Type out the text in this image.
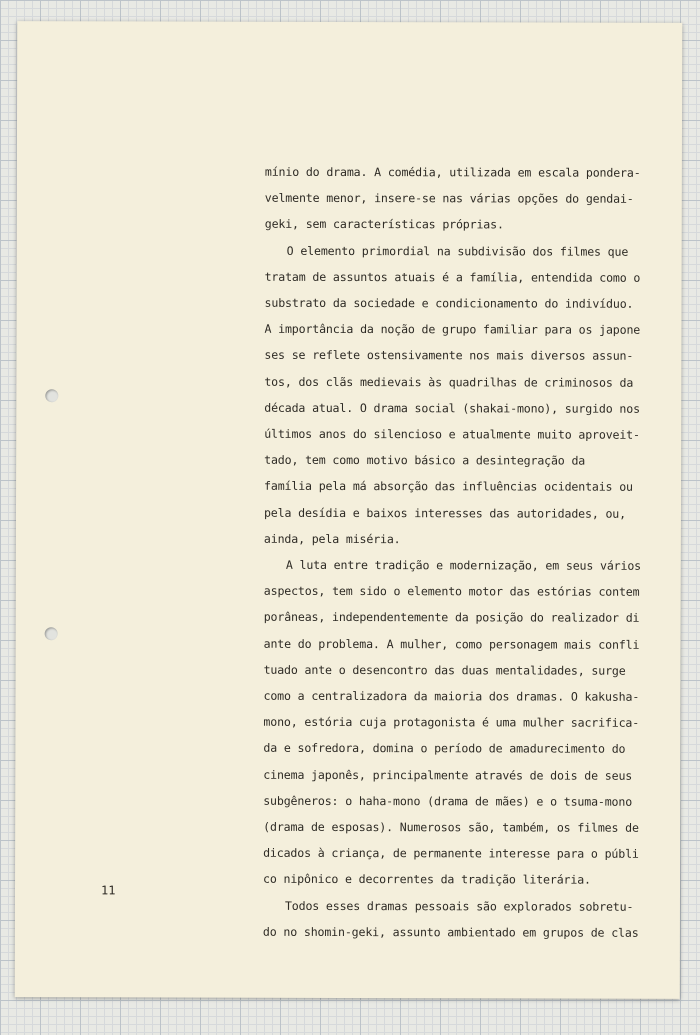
mínio do drama. A comédia, utilizada em escala pondera-
velmente menor, insere-se nas várias opções do gendai-
geki, sem características próprias.
O elemento primordial na subdivisão dos filmes que
tratam de assuntos atuais é a família, entendida como o
substrato da sociedade e condicionamento do indivíduo.
A importância da noção de grupo familiar para os japone
ses se reflete ostensivamente nos mais diversos assun-
tos, dos clãs medievais às quadrilhas de criminosos da
década atual. O drama social (shakai-mono), surgido nos
últimos anos do silencioso e atualmente muito aproveit-
tado, tem como motivo básico a desintegração da
família pela má absorção das influências ocidentais ou
pela desídia e baixos interesses das autoridades, ou,
ainda, pela miséria.
A luta entre tradição e modernização, em seus vários
aspectos, tem sido o elemento motor das estórias contem
porâneas, independentemente da posição do realizador di
ante do problema. A mulher, como personagem mais confli
tuado ante o desencontro das duas mentalidades, surge
como a centralizadora da maioria dos dramas. O kakusha-
mono, estória cuja protagonista é uma mulher sacrifica-
da e sofredora, domina o período de amadurecimento do
cinema japonês, principalmente através de dois de seus
subgêneros: o haha-mono (drama de mães) e o tsuma-mono
(drama de esposas). Numerosos são, também, os filmes de
dicados à criança, de permanente interesse para o públi
co nipônico e decorrentes da tradição literária.
Todos esses dramas pessoais são explorados sobretu-
do no shomin-geki, assunto ambientado em grupos de clas
11
